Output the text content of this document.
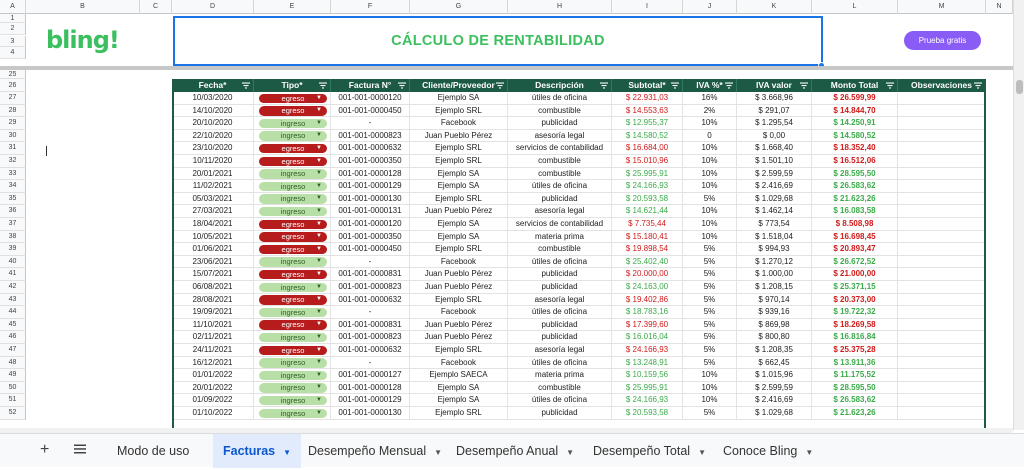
A	B	C	D	E	F	G	H	I	J	K	L	M	N
1
2
3
4
25
26
27
28
29
30
31
32
33
34
35
36
37
38
39
40
41
42
43
44
45
46
47
48
49
50
51
52
bling!	CÁLCULO DE RENTABILIDAD	Prueba gratis
Fecha*	Tipo*	Factura N°	Cliente/Proveedor	Descripción	Subtotal*	IVA %*	IVA valor	Monto Total	Observaciones
10/03/2020	egreso ▼	001-001-0000120	Ejemplo SA	útiles de oficina	$ 22.931,03	16%	$ 3.668,96	$ 26.599,99
14/10/2020	egreso ▼	001-001-0000450	Ejemplo SRL	combustible	$ 14.553,63	2%	$ 291,07	$ 14.844,70
20/10/2020	ingreso ▼	-	Facebook	publicidad	$ 12.955,37	10%	$ 1.295,54	$ 14.250,91
22/10/2020	ingreso ▼	001-001-0000823	Juan Pueblo Pérez	asesoría legal	$ 14.580,52	0	$ 0,00	$ 14.580,52
23/10/2020	egreso ▼	001-001-0000632	Ejemplo SRL	servicios de contabilidad	$ 16.684,00	10%	$ 1.668,40	$ 18.352,40
10/11/2020	egreso ▼	001-001-0000350	Ejemplo SRL	combustible	$ 15.010,96	10%	$ 1.501,10	$ 16.512,06
20/01/2021	ingreso ▼	001-001-0000128	Ejemplo SA	combustible	$ 25.995,91	10%	$ 2.599,59	$ 28.595,50
11/02/2021	ingreso ▼	001-001-0000129	Ejemplo SA	útiles de oficina	$ 24.166,93	10%	$ 2.416,69	$ 26.583,62
05/03/2021	ingreso ▼	001-001-0000130	Ejemplo SRL	publicidad	$ 20.593,58	5%	$ 1.029,68	$ 21.623,26
27/03/2021	ingreso ▼	001-001-0000131	Juan Pueblo Pérez	asesoría legal	$ 14.621,44	10%	$ 1.462,14	$ 16.083,58
18/04/2021	egreso ▼	001-001-0000120	Ejemplo SA	servicios de contabilidad	$ 7.735,44	10%	$ 773,54	$ 8.508,98
10/05/2021	egreso ▼	001-001-0000350	Ejemplo SA	materia prima	$ 15.180,41	10%	$ 1.518,04	$ 16.698,45
01/06/2021	egreso ▼	001-001-0000450	Ejemplo SRL	combustible	$ 19.898,54	5%	$ 994,93	$ 20.893,47
23/06/2021	ingreso ▼	-	Facebook	útiles de oficina	$ 25.402,40	5%	$ 1.270,12	$ 26.672,52
15/07/2021	egreso ▼	001-001-0000831	Juan Pueblo Pérez	publicidad	$ 20.000,00	5%	$ 1.000,00	$ 21.000,00
06/08/2021	ingreso ▼	001-001-0000823	Juan Pueblo Pérez	publicidad	$ 24.163,00	5%	$ 1.208,15	$ 25.371,15
28/08/2021	egreso ▼	001-001-0000632	Ejemplo SRL	asesoría legal	$ 19.402,86	5%	$ 970,14	$ 20.373,00
19/09/2021	ingreso ▼	-	Facebook	útiles de oficina	$ 18.783,16	5%	$ 939,16	$ 19.722,32
11/10/2021	egreso ▼	001-001-0000831	Juan Pueblo Pérez	publicidad	$ 17.399,60	5%	$ 869,98	$ 18.269,58
02/11/2021	ingreso ▼	001-001-0000823	Juan Pueblo Pérez	publicidad	$ 16.016,04	5%	$ 800,80	$ 16.816,84
24/11/2021	egreso ▼	001-001-0000632	Ejemplo SRL	asesoría legal	$ 24.166,93	5%	$ 1.208,35	$ 25.375,28
16/12/2021	ingreso ▼	-	Facebook	útiles de oficina	$ 13.248,91	5%	$ 662,45	$ 13.911,36
01/01/2022	ingreso ▼	001-001-0000127	Ejemplo SAECA	materia prima	$ 10.159,56	10%	$ 1.015,96	$ 11.175,52
20/01/2022	ingreso ▼	001-001-0000128	Ejemplo SA	combustible	$ 25.995,91	10%	$ 2.599,59	$ 28.595,50
01/09/2022	ingreso ▼	001-001-0000129	Ejemplo SA	útiles de oficina	$ 24.166,93	10%	$ 2.416,69	$ 26.583,62
01/10/2022	ingreso ▼	001-001-0000130	Ejemplo SRL	publicidad	$ 20.593,58	5%	$ 1.029,68	$ 21.623,26
+	Modo de uso	Facturas ▼	Desempeño Mensual ▼	Desempeño Anual ▼	Desempeño Total ▼	Conoce Bling ▼
